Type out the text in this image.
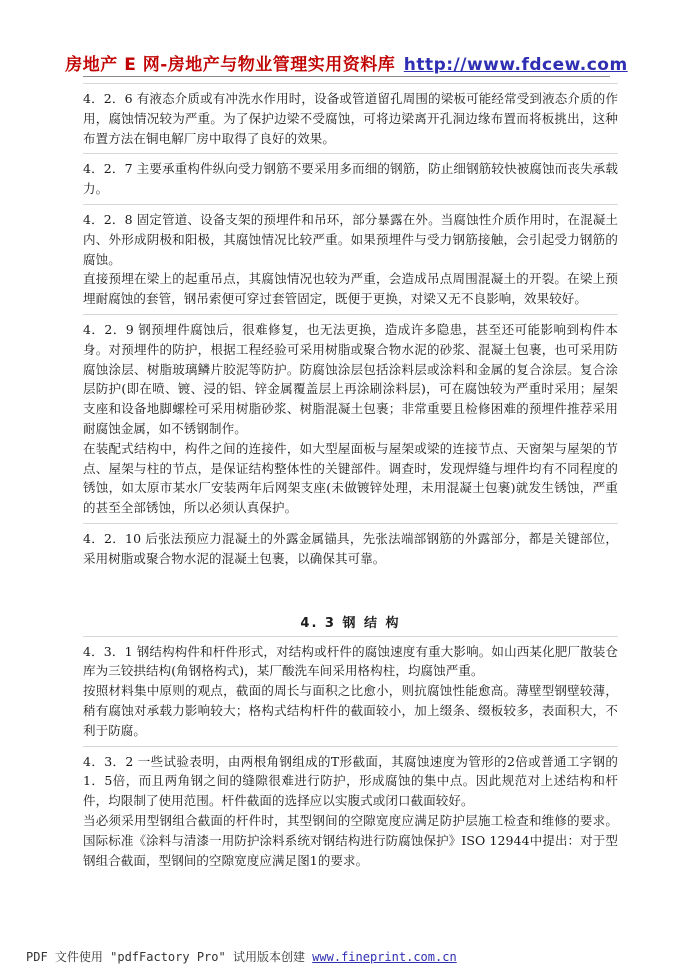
房地产 E 网-房地产与物业管理实用资料库 http://www.fdcew.com

4．2．6 有液态介质或有冲洗水作用时，设备或管道留孔周围的梁板可能经常受到液态介质的作用，腐蚀情况较为严重。为了保护边梁不受腐蚀，可将边梁离开孔洞边缘布置而将板挑出，这种布置方法在铜电解厂房中取得了良好的效果。

4．2．7 主要承重构件纵向受力钢筋不要采用多而细的钢筋，防止细钢筋较快被腐蚀而丧失承载力。

4．2．8 固定管道、设备支架的预埋件和吊环，部分暴露在外。当腐蚀性介质作用时，在混凝土内、外形成阴极和阳极，其腐蚀情况比较严重。如果预埋件与受力钢筋接触，会引起受力钢筋的腐蚀。

直接预埋在梁上的起重吊点，其腐蚀情况也较为严重，会造成吊点周围混凝土的开裂。在梁上预埋耐腐蚀的套管，钢吊索便可穿过套管固定，既便于更换，对梁又无不良影响，效果较好。

4．2．9 钢预埋件腐蚀后，很难修复，也无法更换，造成许多隐患，甚至还可能影响到构件本身。对预埋件的防护，根据工程经验可采用树脂或聚合物水泥的砂浆、混凝土包裹，也可采用防腐蚀涂层、树脂玻璃鳞片胶泥等防护。防腐蚀涂层包括涂料层或涂料和金属的复合涂层。复合涂层防护(即在喷、镀、浸的铝、锌金属覆盖层上再涂刷涂料层)，可在腐蚀较为严重时采用；屋架支座和设备地脚螺栓可采用树脂砂浆、树脂混凝土包裹；非常重要且检修困难的预埋件推荐采用耐腐蚀金属，如不锈钢制作。

在装配式结构中，构件之间的连接件，如大型屋面板与屋架或梁的连接节点、天窗架与屋架的节点、屋架与柱的节点，是保证结构整体性的关键部件。调查时，发现焊缝与埋件均有不同程度的锈蚀，如太原市某水厂安装两年后网架支座(未做镀锌处理，未用混凝土包裹)就发生锈蚀，严重的甚至全部锈蚀，所以必须认真保护。

4．2．10 后张法预应力混凝土的外露金属锚具，先张法端部钢筋的外露部分，都是关键部位，采用树脂或聚合物水泥的混凝土包裹，以确保其可靠。

4. 3 钢 结 构

4．3．1 钢结构构件和杆件形式，对结构或杆件的腐蚀速度有重大影响。如山西某化肥厂散装仓库为三铰拱结构(角钢格构式)，某厂酸洗车间采用格构柱，均腐蚀严重。

按照材料集中原则的观点，截面的周长与面积之比愈小，则抗腐蚀性能愈高。薄壁型钢壁较薄，稍有腐蚀对承载力影响较大；格构式结构杆件的截面较小，加上缀条、缀板较多，表面积大，不利于防腐。

4．3．2 一些试验表明，由两根角钢组成的T形截面，其腐蚀速度为管形的2倍或普通工字钢的1．5倍，而且两角钢之间的缝隙很难进行防护，形成腐蚀的集中点。因此规范对上述结构和杆件，均限制了使用范围。杆件截面的选择应以实腹式或闭口截面较好。

当必须采用型钢组合截面的杆件时，其型钢间的空隙宽度应满足防护层施工检查和维修的要求。国际标准《涂料与清漆一用防护涂料系统对钢结构进行防腐蚀保护》ISO 12944中提出：对于型钢组合截面，型钢间的空隙宽度应满足图1的要求。

PDF 文件使用 "pdfFactory Pro" 试用版本创建 www.fineprint.com.cn
